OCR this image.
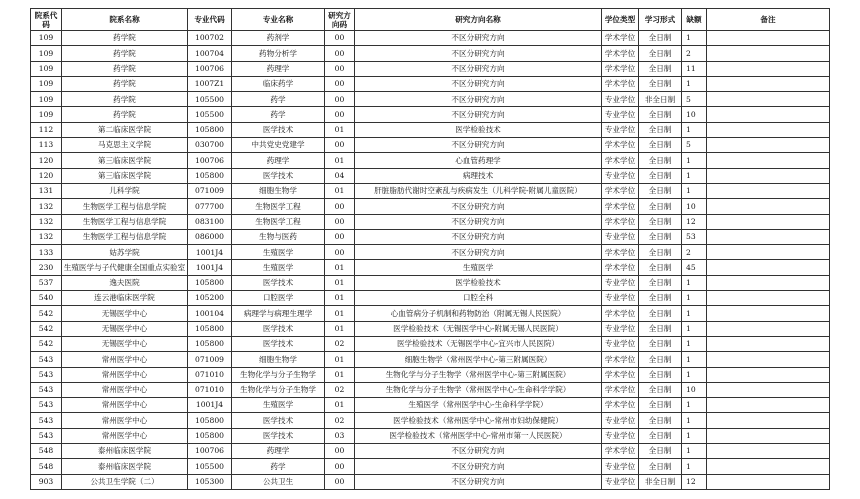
院系代码	院系名称	专业代码	专业名称	研究方向码	研究方向名称	学位类型	学习形式	缺额	备注
109	药学院	100702	药剂学	00	不区分研究方向	学术学位	全日制	1	
109	药学院	100704	药物分析学	00	不区分研究方向	学术学位	全日制	2	
109	药学院	100706	药理学	00	不区分研究方向	学术学位	全日制	11	
109	药学院	1007Z1	临床药学	00	不区分研究方向	学术学位	全日制	1	
109	药学院	105500	药学	00	不区分研究方向	专业学位	非全日制	5	
109	药学院	105500	药学	00	不区分研究方向	专业学位	全日制	10	
112	第二临床医学院	105800	医学技术	01	医学检验技术	专业学位	全日制	1	
113	马克思主义学院	030700	中共党史党建学	00	不区分研究方向	学术学位	全日制	5	
120	第三临床医学院	100706	药理学	01	心血管药理学	学术学位	全日制	1	
120	第三临床医学院	105800	医学技术	04	病理技术	专业学位	全日制	1	
131	儿科学院	071009	细胞生物学	01	肝脏脂肪代谢时空紊乱与疾病发生（儿科学院-附属儿童医院）	学术学位	全日制	1	
132	生物医学工程与信息学院	077700	生物医学工程	00	不区分研究方向	学术学位	全日制	10	
132	生物医学工程与信息学院	083100	生物医学工程	00	不区分研究方向	学术学位	全日制	12	
132	生物医学工程与信息学院	086000	生物与医药	00	不区分研究方向	专业学位	全日制	53	
133	姑苏学院	1001J4	生殖医学	00	不区分研究方向	学术学位	全日制	2	
230	生殖医学与子代健康全国重点实验室	1001J4	生殖医学	01	生殖医学	学术学位	全日制	45	
537	逸夫医院	105800	医学技术	01	医学检验技术	专业学位	全日制	1	
540	连云港临床医学院	105200	口腔医学	01	口腔全科	专业学位	全日制	1	
542	无锡医学中心	100104	病理学与病理生理学	01	心血管病分子机制和药物防治（附属无锡人民医院）	学术学位	全日制	1	
542	无锡医学中心	105800	医学技术	01	医学检验技术（无锡医学中心-附属无锡人民医院）	专业学位	全日制	1	
542	无锡医学中心	105800	医学技术	02	医学检验技术（无锡医学中心-宜兴市人民医院）	专业学位	全日制	1	
543	常州医学中心	071009	细胞生物学	01	细胞生物学（常州医学中心-第三附属医院）	学术学位	全日制	1	
543	常州医学中心	071010	生物化学与分子生物学	01	生物化学与分子生物学（常州医学中心-第三附属医院）	学术学位	全日制	1	
543	常州医学中心	071010	生物化学与分子生物学	02	生物化学与分子生物学（常州医学中心-生命科学学院）	学术学位	全日制	10	
543	常州医学中心	1001J4	生殖医学	01	生殖医学（常州医学中心-生命科学学院）	学术学位	全日制	1	
543	常州医学中心	105800	医学技术	02	医学检验技术（常州医学中心-常州市妇幼保健院）	专业学位	全日制	1	
543	常州医学中心	105800	医学技术	03	医学检验技术（常州医学中心-常州市第一人民医院）	专业学位	全日制	1	
548	泰州临床医学院	100706	药理学	00	不区分研究方向	学术学位	全日制	1	
548	泰州临床医学院	105500	药学	00	不区分研究方向	专业学位	全日制	1	
903	公共卫生学院（二）	105300	公共卫生	00	不区分研究方向	专业学位	非全日制	12	
